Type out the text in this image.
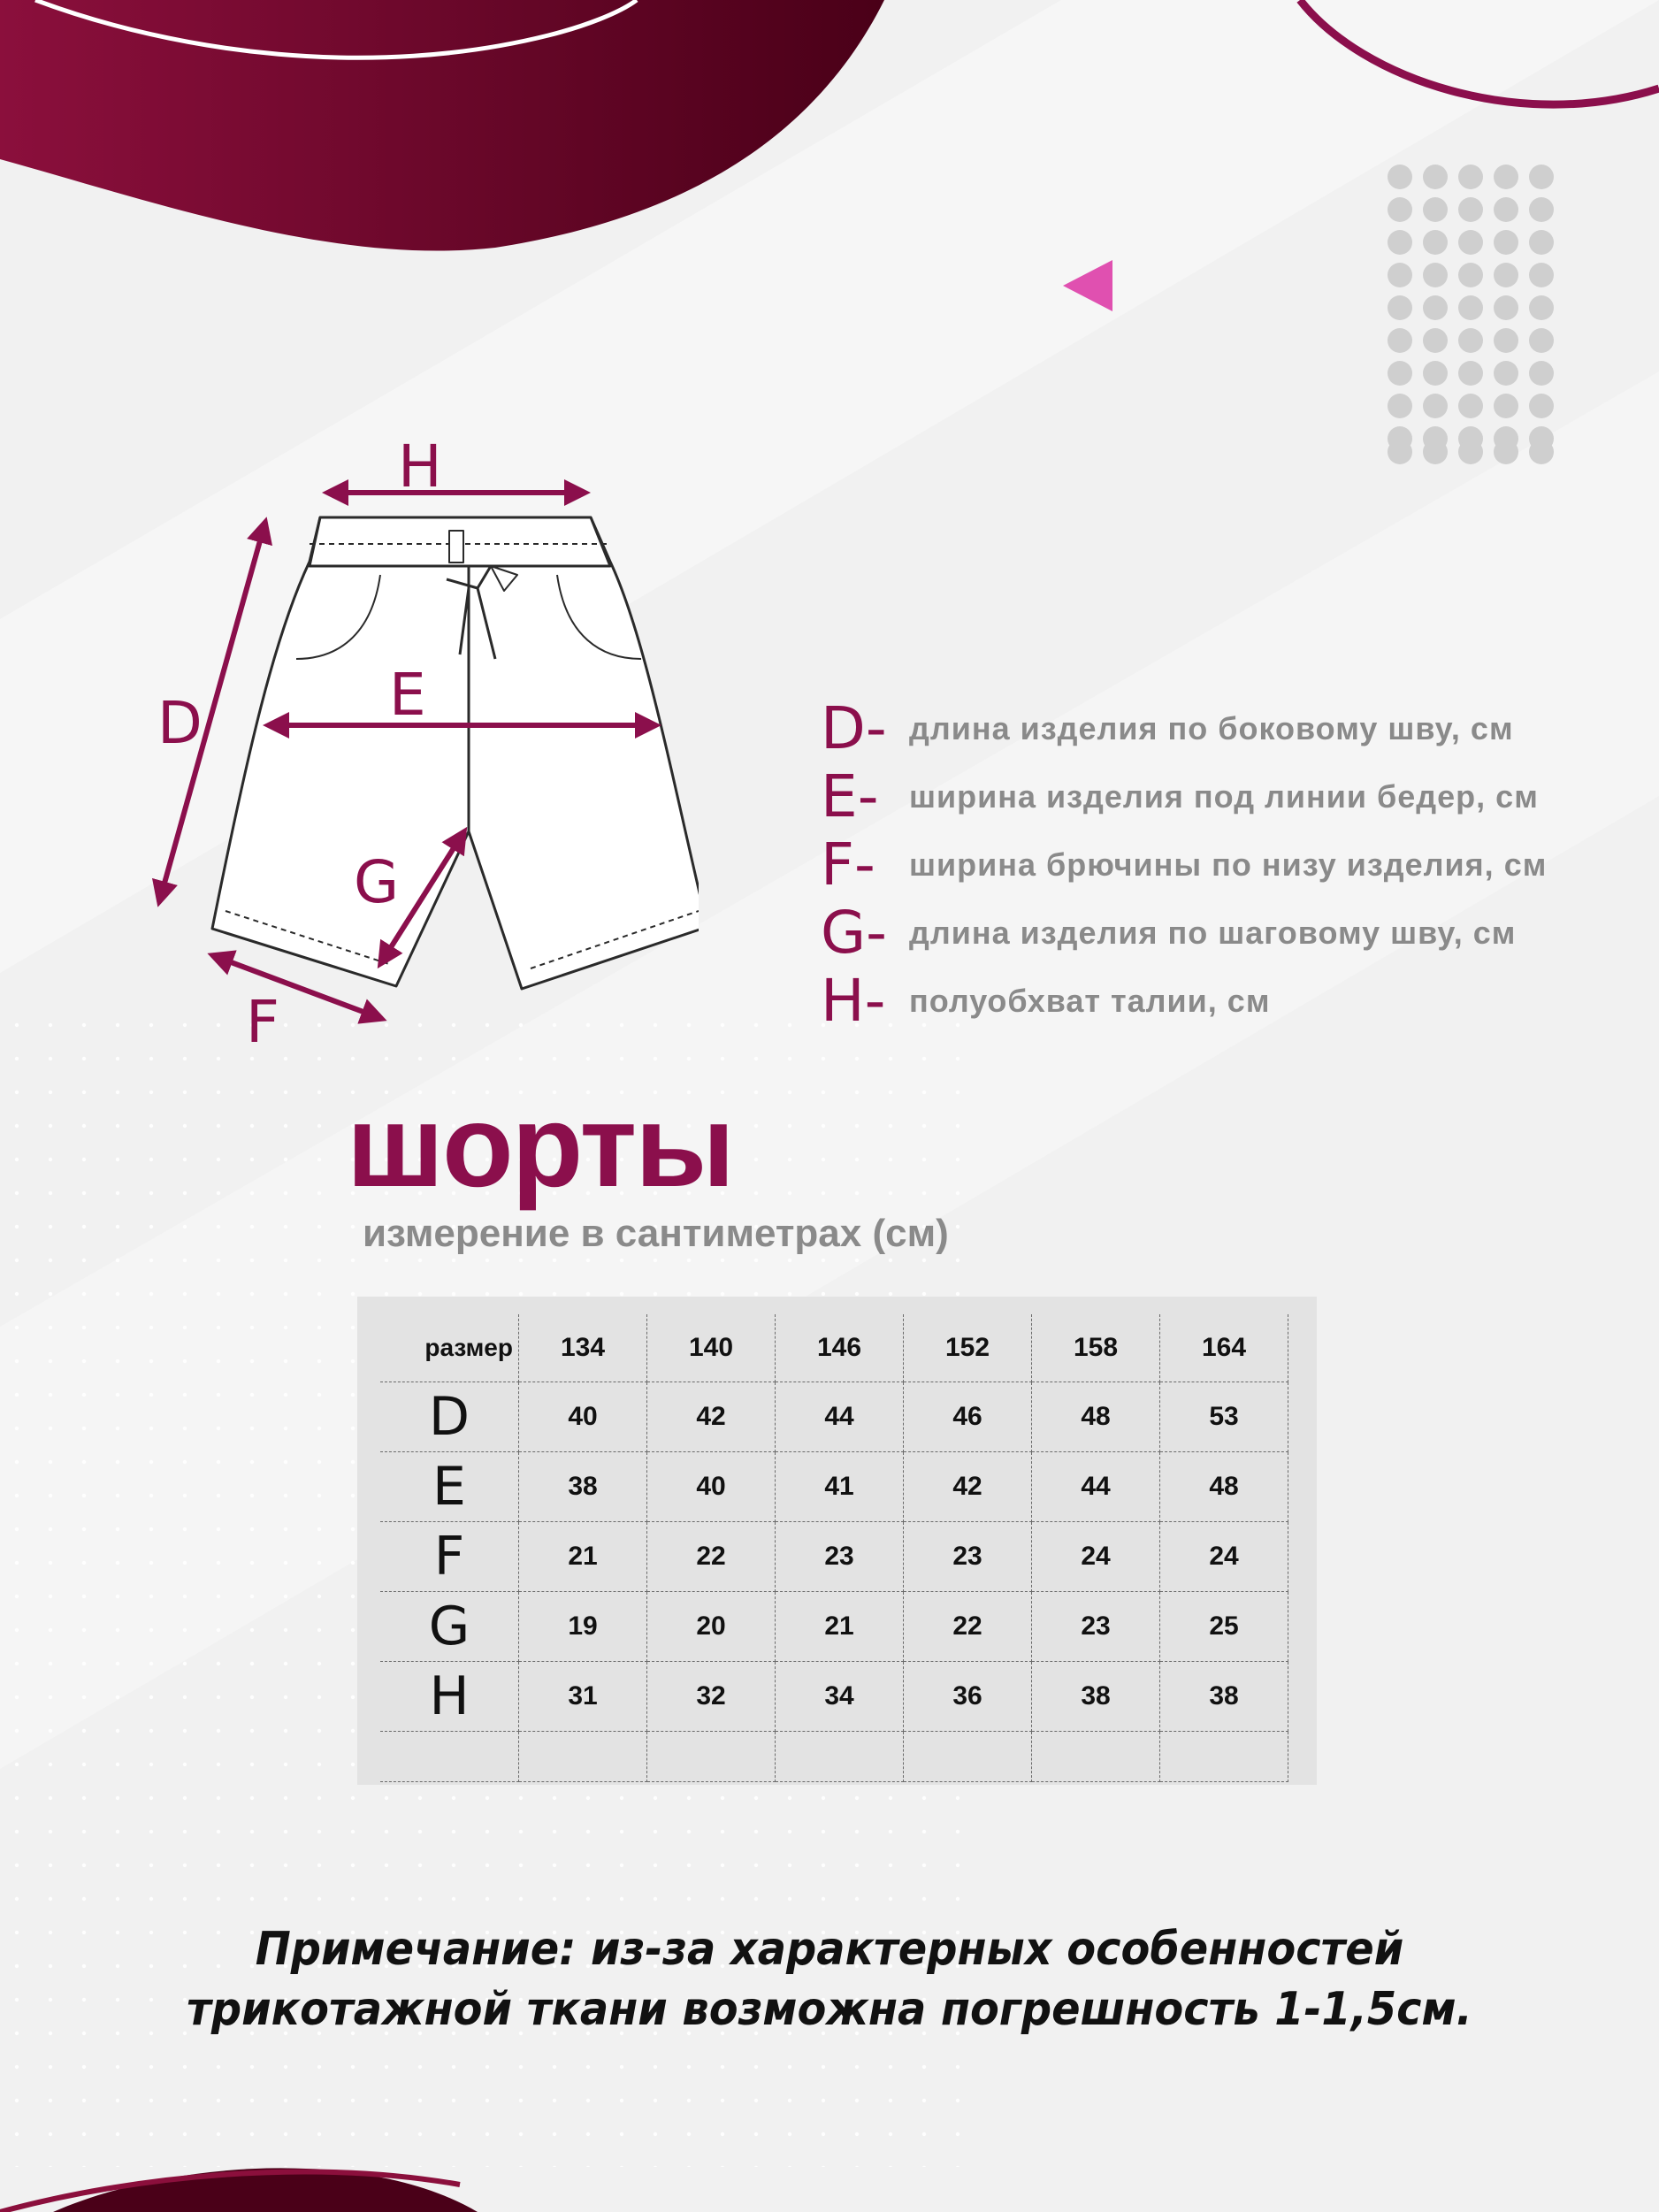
H
E
D
G
F
D- длина изделия по боковому шву, см
E- ширина изделия под линии бедер, см
F-	ширина брючины по низу изделия, см
G- длина изделия по шаговому шву, см
H- полуобхват талии, см
шорты
измерение в сантиметрах (см)
размер	134	140	146	152	158	164
D	40	42	44	46	48	53
E	38	40	41	42	44	48
F	21	22	23	23	24	24
G	19	20	21	22	23	25
H	31	32	34	36	38	38

Примечание: из-за характерных особенностей
трикотажной ткани возможна погрешность 1-1,5см.
